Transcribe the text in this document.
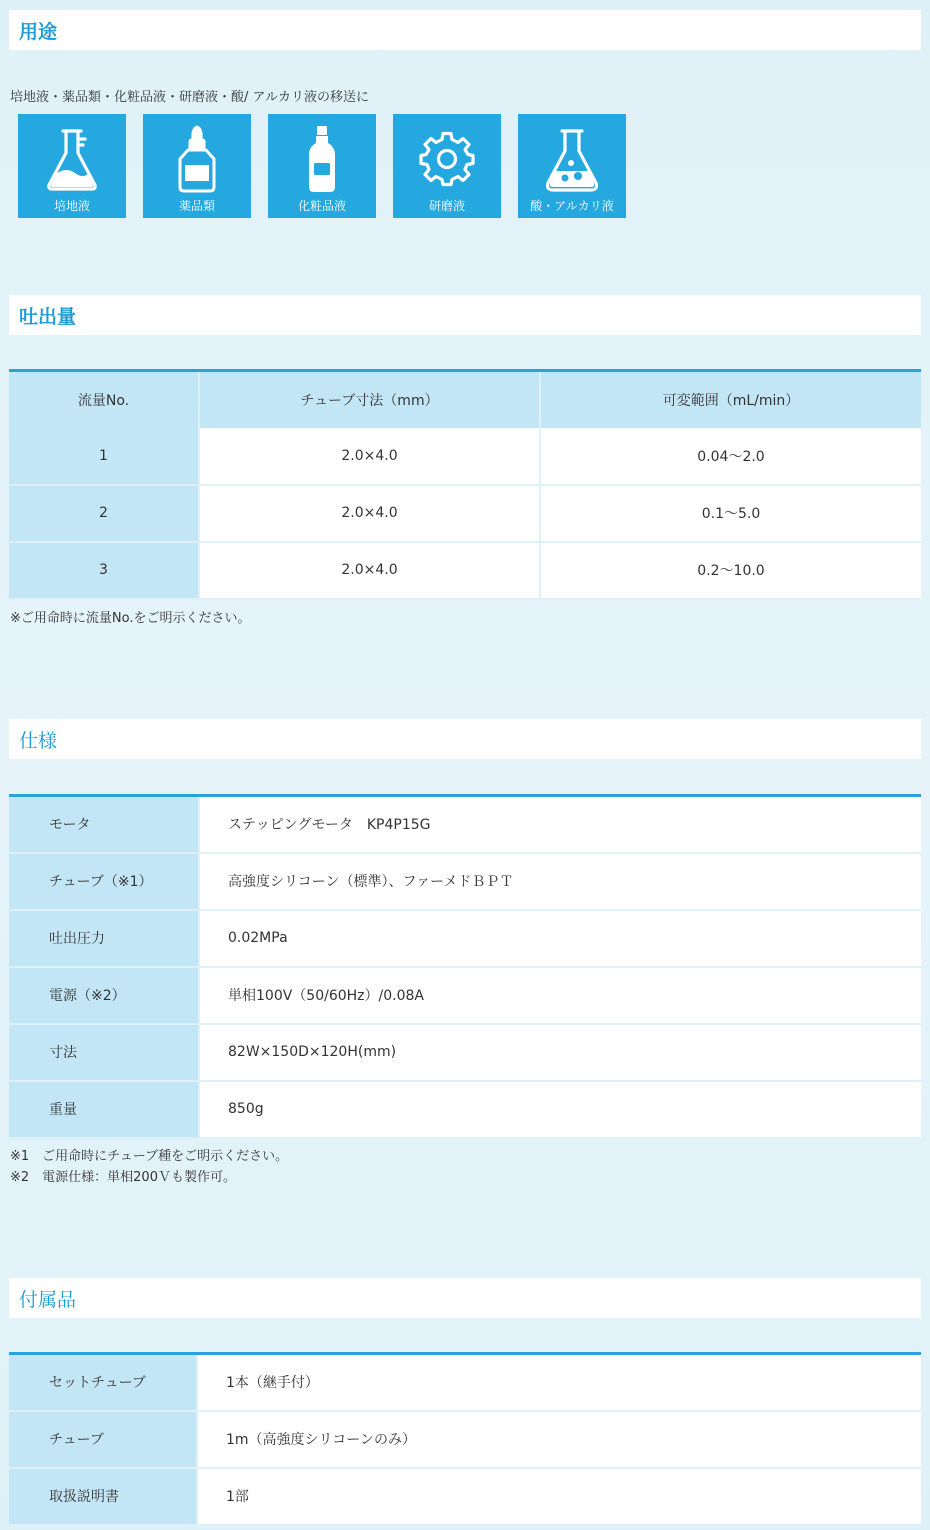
用途
培地液・薬品類・化粧品液・研磨液・酸/ アルカリ液の移送に
培地液	薬品類	化粧品液	研磨液	酸・アルカリ液
吐出量
流量No.	チューブ寸法（mm）	可変範囲（mL/min）
1	2.0×4.0	0.04～2.0
2	2.0×4.0	0.1～5.0
3	2.0×4.0	0.2～10.0
※ご用命時に流量No.をご明示ください。
仕様
モータ	ステッピングモータ　KP4P15G
チューブ（※1）	高強度シリコーン（標準）、ファーメドＢＰＴ
吐出圧力	0.02MPa
電源（※2）	単相100V（50/60Hz）/0.08A
寸法	82W×150D×120H(mm)
重量	850g
※1　ご用命時にチューブ種をご明示ください。
※2　電源仕様：単相200Ｖも製作可。
付属品
セットチューブ	1本（継手付）
チューブ	1m（高強度シリコーンのみ）
取扱説明書	1部
